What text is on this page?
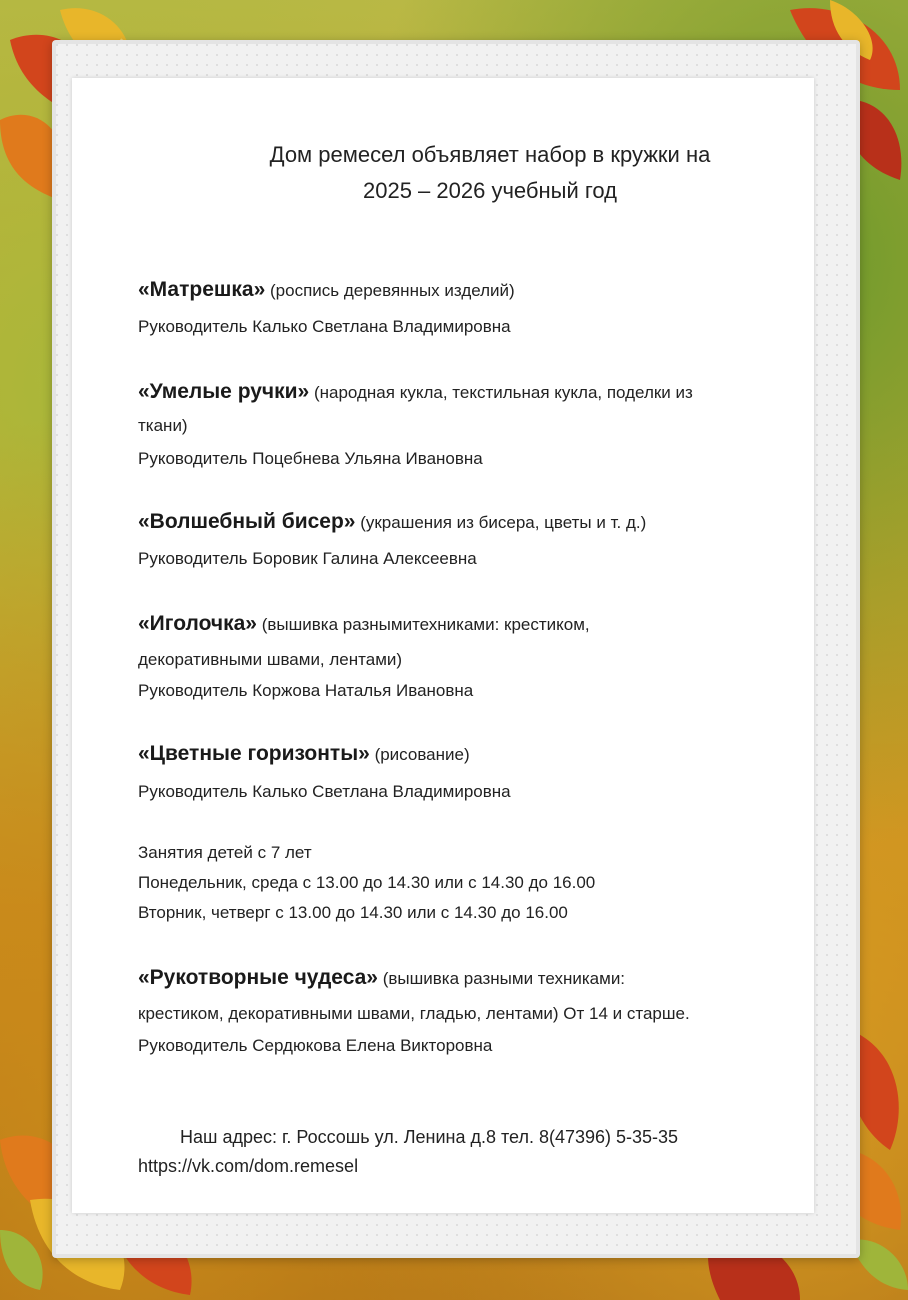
Дом ремесел объявляет набор в кружки на
2025 – 2026 учебный год
«Матрешка» (роспись деревянных изделий)
Руководитель Калько Светлана Владимировна
«Умелые ручки» (народная кукла, текстильная кукла, поделки из
ткани)
Руководитель Поцебнева Ульяна Ивановна
«Волшебный бисер» (украшения из бисера, цветы и т. д.)
Руководитель Боровик Галина Алексеевна
«Иголочка» (вышивка разнымитехниками: крестиком,
декоративными швами, лентами)
Руководитель Коржова Наталья Ивановна
«Цветные горизонты» (рисование)
Руководитель Калько Светлана Владимировна
Занятия детей с 7 лет
Понедельник, среда с 13.00 до 14.30 или с 14.30 до 16.00
Вторник, четверг с 13.00 до 14.30 или с 14.30 до 16.00
«Рукотворные чудеса» (вышивка разными техниками:
крестиком, декоративными швами, гладью, лентами) От 14 и старше.
Руководитель Сердюкова Елена Викторовна
Наш адрес: г. Россошь ул. Ленина д.8 тел. 8(47396) 5-35-35
https://vk.com/dom.remesel
